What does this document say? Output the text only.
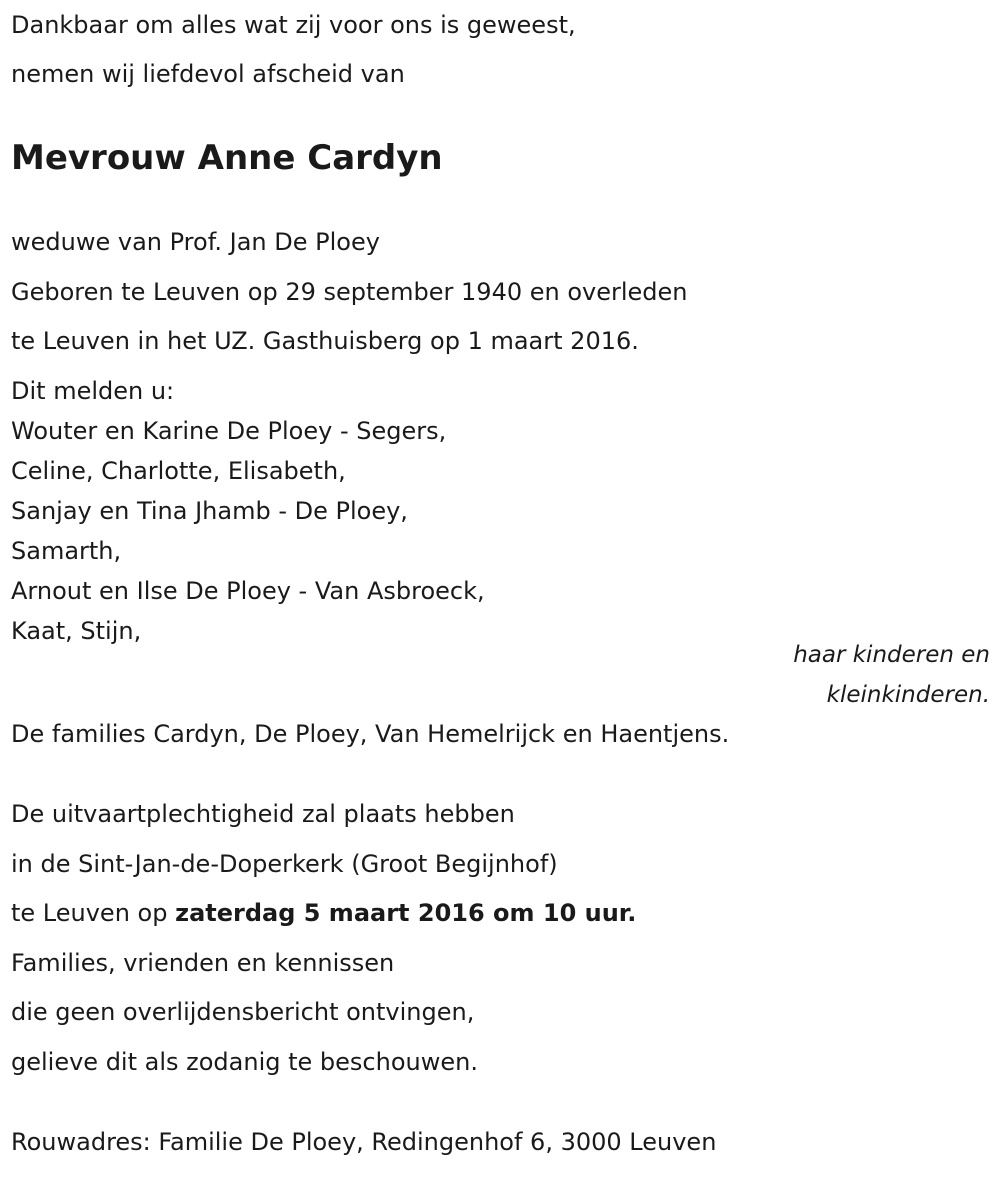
Dankbaar om alles wat zij voor ons is geweest,

nemen wij liefdevol afscheid van

Mevrouw Anne Cardyn

weduwe van Prof. Jan De Ploey

Geboren te Leuven op 29 september 1940 en overleden

te Leuven in het UZ. Gasthuisberg op 1 maart 2016.

Dit melden u:

Wouter en Karine De Ploey - Segers,

Celine, Charlotte, Elisabeth,

Sanjay en Tina Jhamb - De Ploey,

Samarth,

Arnout en Ilse De Ploey - Van Asbroeck,

Kaat, Stijn,

haar kinderen en
kleinkinderen.

De families Cardyn, De Ploey, Van Hemelrijck en Haentjens.

De uitvaartplechtigheid zal plaats hebben

in de Sint-Jan-de-Doperkerk (Groot Begijnhof)

te Leuven op zaterdag 5 maart 2016 om 10 uur.

Families, vrienden en kennissen

die geen overlijdensbericht ontvingen,

gelieve dit als zodanig te beschouwen.

Rouwadres: Familie De Ploey, Redingenhof 6, 3000 Leuven
